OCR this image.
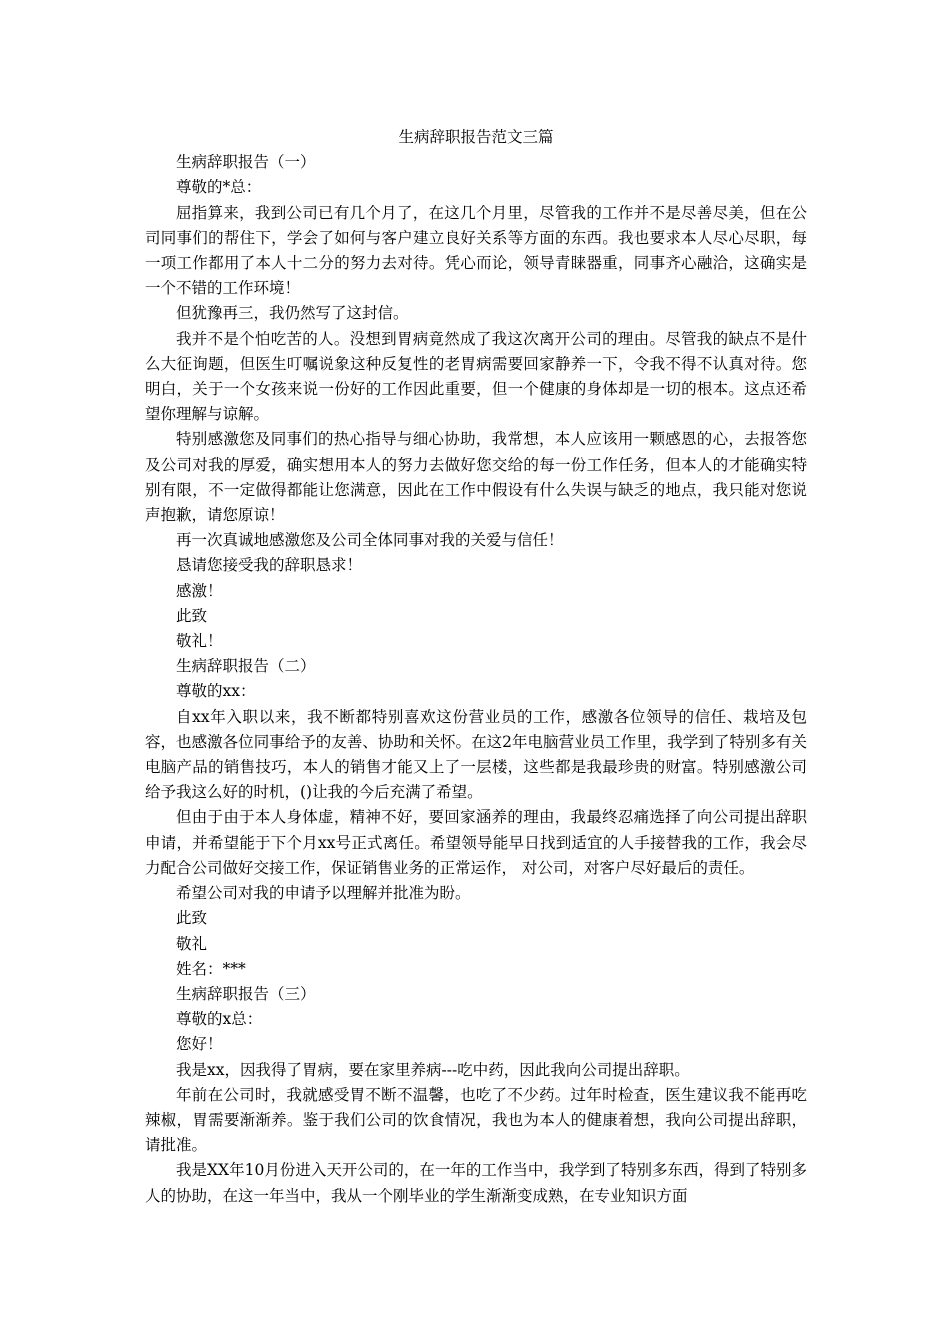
生病辞职报告范文三篇

生病辞职报告（一）

尊敬的*总：

屈指算来，我到公司已有几个月了，在这几个月里，尽管我的工作并不是尽善尽美，但在公司同事们的帮住下，学会了如何与客户建立良好关系等方面的东西。我也要求本人尽心尽职，每一项工作都用了本人十二分的努力去对待。凭心而论，领导青睐器重，同事齐心融洽，这确实是一个不错的工作环境！

但犹豫再三，我仍然写了这封信。

我并不是个怕吃苦的人。没想到胃病竟然成了我这次离开公司的理由。尽管我的缺点不是什么大征询题，但医生叮嘱说象这种反复性的老胃病需要回家静养一下，令我不得不认真对待。您明白，关于一个女孩来说一份好的工作因此重要，但一个健康的身体却是一切的根本。这点还希望你理解与谅解。

特别感激您及同事们的热心指导与细心协助，我常想，本人应该用一颗感恩的心，去报答您及公司对我的厚爱，确实想用本人的努力去做好您交给的每一份工作任务，但本人的才能确实特别有限，不一定做得都能让您满意，因此在工作中假设有什么失误与缺乏的地点，我只能对您说声抱歉，请您原谅！

再一次真诚地感激您及公司全体同事对我的关爱与信任！

恳请您接受我的辞职恳求！

感激！

此致

敬礼！

生病辞职报告（二）

尊敬的xx：

自xx年入职以来，我不断都特别喜欢这份营业员的工作，感激各位领导的信任、栽培及包容，也感激各位同事给予的友善、协助和关怀。在这2年电脑营业员工作里，我学到了特别多有关电脑产品的销售技巧，本人的销售才能又上了一层楼，这些都是我最珍贵的财富。特别感激公司给予我这么好的时机，()让我的今后充满了希望。

但由于由于本人身体虚，精神不好，要回家涵养的理由，我最终忍痛选择了向公司提出辞职申请，并希望能于下个月xx号正式离任。希望领导能早日找到适宜的人手接替我的工作，我会尽力配合公司做好交接工作，保证销售业务的正常运作， 对公司，对客户尽好最后的责任。

希望公司对我的申请予以理解并批准为盼。

此致

敬礼

姓名：***

生病辞职报告（三）

尊敬的x总：

您好！

我是xx，因我得了胃病，要在家里养病---吃中药，因此我向公司提出辞职。

年前在公司时，我就感受胃不断不温馨，也吃了不少药。过年时检查，医生建议我不能再吃辣椒，胃需要渐渐养。鉴于我们公司的饮食情况，我也为本人的健康着想，我向公司提出辞职，请批准。

我是XX年10月份进入天开公司的，在一年的工作当中，我学到了特别多东西，得到了特别多人的协助，在这一年当中，我从一个刚毕业的学生渐渐变成熟，在专业知识方面
